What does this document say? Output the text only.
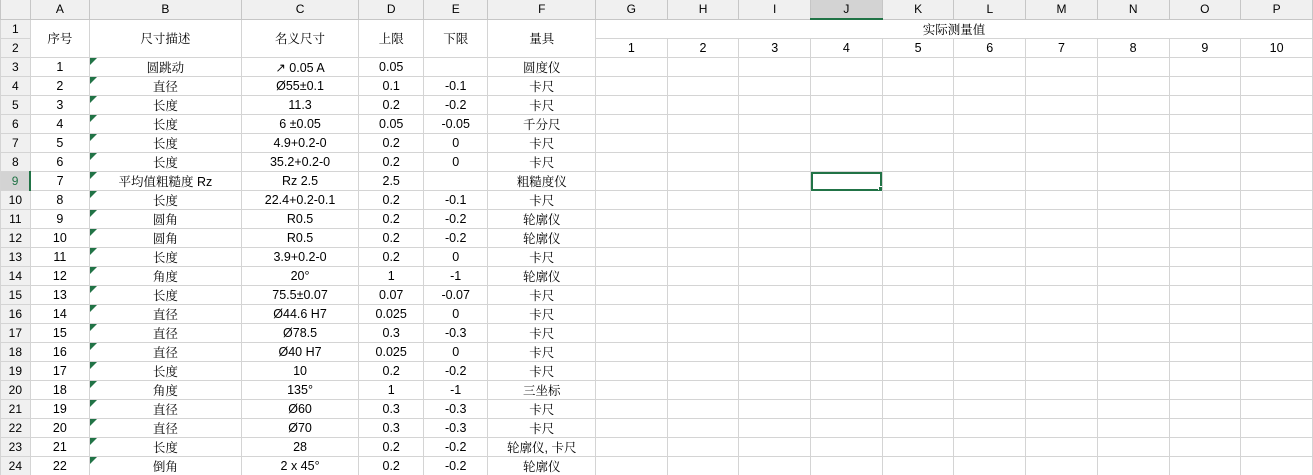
	A	B	C	D	E	F	G	H	I	J	K	L	M	N	O	P
1	序号	尺寸描述	名义尺寸	上限	下限	量具	实际测量值									
2							1	2	3	4	5	6	7	8	9	10
3	1	圆跳动	↗ 0.05 A	0.05		圆度仪										
4	2	直径	Ø55±0.1	0.1	-0.1	卡尺										
5	3	长度	11.3	0.2	-0.2	卡尺										
6	4	长度	6 ±0.05	0.05	-0.05	千分尺										
7	5	长度	4.9+0.2-0	0.2	0	卡尺										
8	6	长度	35.2+0.2-0	0.2	0	卡尺										
9	7	平均值粗糙度 Rz	Rz 2.5	2.5		粗糙度仪										
10	8	长度	22.4+0.2-0.1	0.2	-0.1	卡尺										
11	9	圆角	R0.5	0.2	-0.2	轮廓仪										
12	10	圆角	R0.5	0.2	-0.2	轮廓仪										
13	11	长度	3.9+0.2-0	0.2	0	卡尺										
14	12	角度	20°	1	-1	轮廓仪										
15	13	长度	75.5±0.07	0.07	-0.07	卡尺										
16	14	直径	Ø44.6 H7	0.025	0	卡尺										
17	15	直径	Ø78.5	0.3	-0.3	卡尺										
18	16	直径	Ø40 H7	0.025	0	卡尺										
19	17	长度	10	0.2	-0.2	卡尺										
20	18	角度	135°	1	-1	三坐标										
21	19	直径	Ø60	0.3	-0.3	卡尺										
22	20	直径	Ø70	0.3	-0.3	卡尺										
23	21	长度	28	0.2	-0.2	轮廓仪, 卡尺										
24	22	倒角	2 x 45°	0.2	-0.2	轮廓仪										
